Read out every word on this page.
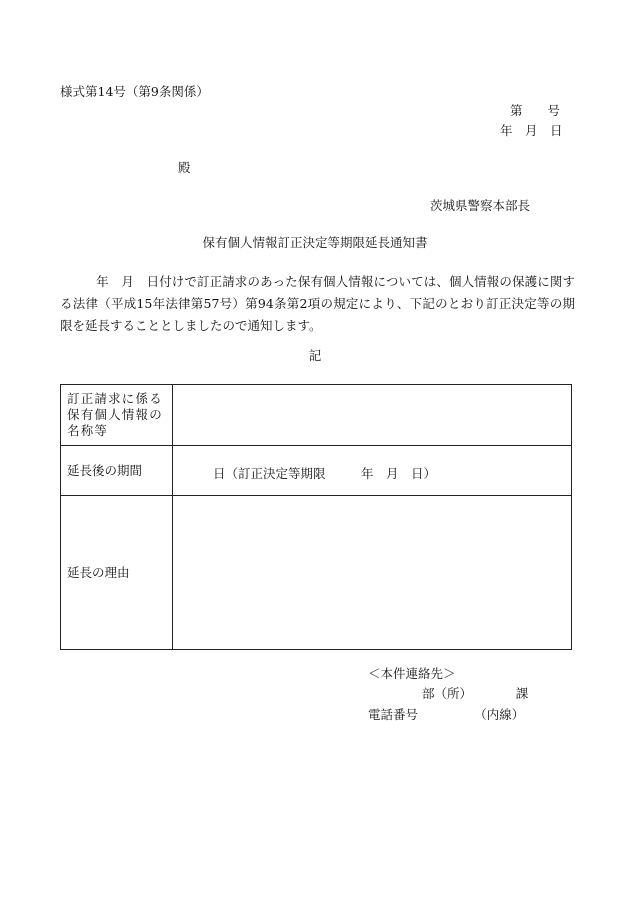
様式第14号（第9条関係）
第　　号
年　月　日
殿
茨城県警察本部長
保有個人情報訂正決定等期限延長通知書
年　月　日付けで訂正請求のあった保有個人情報については、個人情報の保護に関する法律（平成15年法律第57号）第94条第2項の規定により、下記のとおり訂正決定等の期限を延長することとしましたので通知します。
記
訂正請求に係る保有個人情報の名称等
延長後の期間	日（訂正決定等期限	年　月　日）
延長の理由
＜本件連絡先＞
部（所）　　　　課
電話番号　　　　　（内線）
